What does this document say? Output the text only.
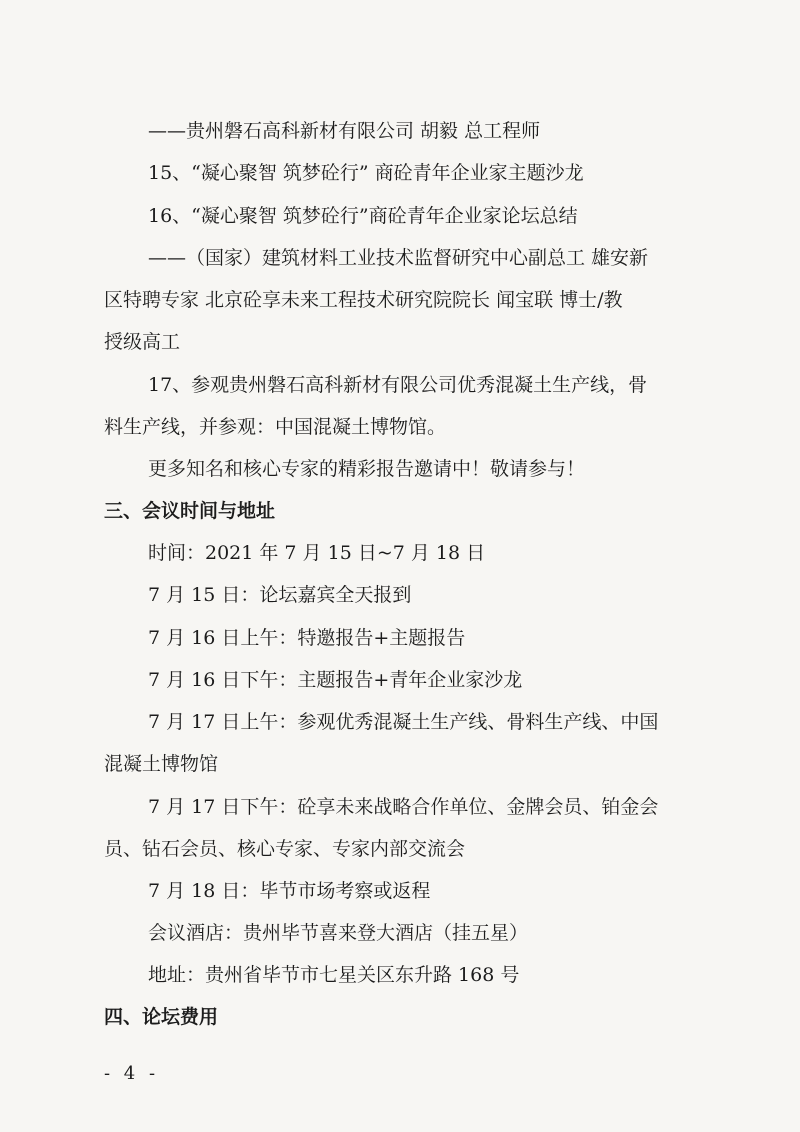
——贵州磐石高科新材有限公司 胡毅 总工程师
15、“凝心聚智 筑梦砼行” 商砼青年企业家主题沙龙
16、“凝心聚智 筑梦砼行”商砼青年企业家论坛总结
——（国家）建筑材料工业技术监督研究中心副总工 雄安新
区特聘专家 北京砼享未来工程技术研究院院长 闻宝联 博士/教
授级高工
17、参观贵州磐石高科新材有限公司优秀混凝土生产线，骨
料生产线，并参观：中国混凝土博物馆。
更多知名和核心专家的精彩报告邀请中！敬请参与！
三、会议时间与地址
时间：2021 年 7 月 15 日~7 月 18 日
7 月 15 日：论坛嘉宾全天报到
7 月 16 日上午：特邀报告+主题报告
7 月 16 日下午：主题报告+青年企业家沙龙
7 月 17 日上午：参观优秀混凝土生产线、骨料生产线、中国
混凝土博物馆
7 月 17 日下午：砼享未来战略合作单位、金牌会员、铂金会
员、钻石会员、核心专家、专家内部交流会
7 月 18 日：毕节市场考察或返程
会议酒店：贵州毕节喜来登大酒店（挂五星）
地址：贵州省毕节市七星关区东升路 168 号
四、论坛费用
- 4 -
